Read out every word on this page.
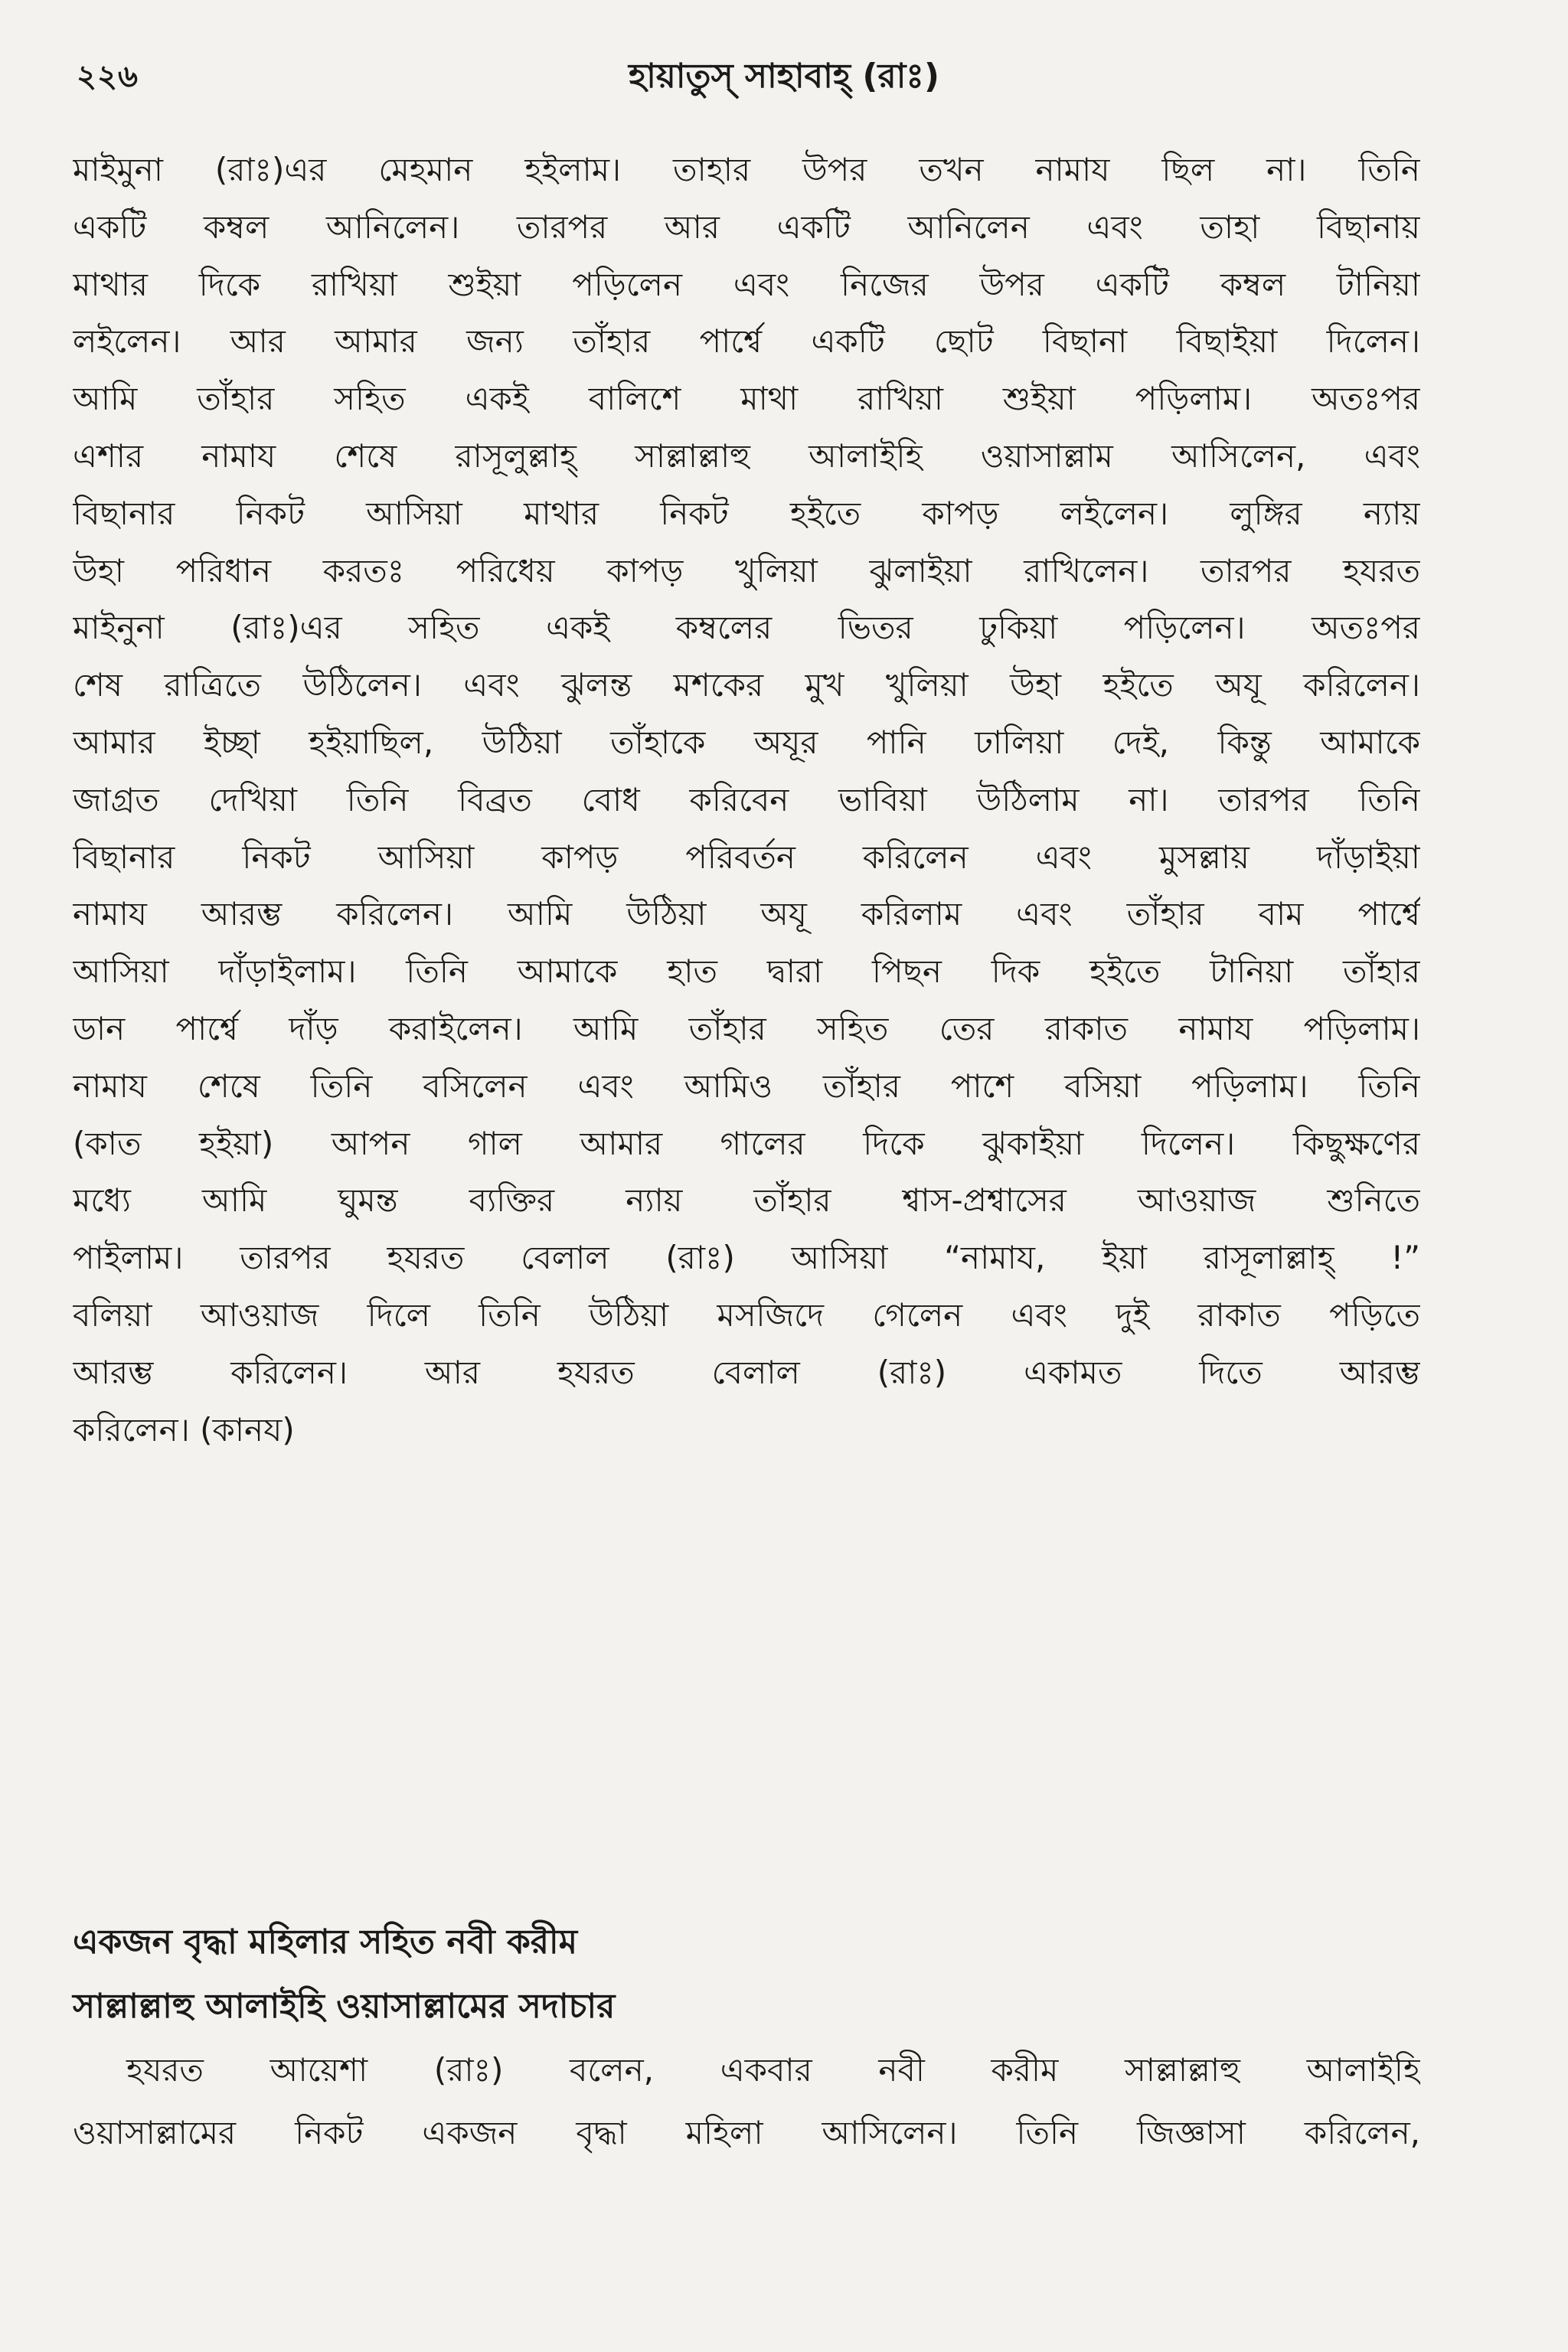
২২৬	হায়াতুস্ সাহাবাহ্ (রাঃ)
মাইমুনা (রাঃ)এর মেহমান হইলাম। তাহার উপর তখন নামায ছিল না। তিনি
একটি কম্বল আনিলেন। তারপর আর একটি আনিলেন এবং তাহা বিছানায়
মাথার দিকে রাখিয়া শুইয়া পড়িলেন এবং নিজের উপর একটি কম্বল টানিয়া
লইলেন। আর আমার জন্য তাঁহার পার্শ্বে একটি ছোট বিছানা বিছাইয়া দিলেন।
আমি তাঁহার সহিত একই বালিশে মাথা রাখিয়া শুইয়া পড়িলাম। অতঃপর
এশার নামায শেষে রাসূলুল্লাহ্ সাল্লাল্লাহু আলাইহি ওয়াসাল্লাম আসিলেন, এবং
বিছানার নিকট আসিয়া মাথার নিকট হইতে কাপড় লইলেন। লুঙ্গির ন্যায়
উহা পরিধান করতঃ পরিধেয় কাপড় খুলিয়া ঝুলাইয়া রাখিলেন। তারপর হযরত
মাইনুনা (রাঃ)এর সহিত একই কম্বলের ভিতর ঢুকিয়া পড়িলেন। অতঃপর
শেষ রাত্রিতে উঠিলেন। এবং ঝুলন্ত মশকের মুখ খুলিয়া উহা হইতে অযূ করিলেন।
আমার ইচ্ছা হইয়াছিল, উঠিয়া তাঁহাকে অযূর পানি ঢালিয়া দেই, কিন্তু আমাকে
জাগ্রত দেখিয়া তিনি বিব্রত বোধ করিবেন ভাবিয়া উঠিলাম না। তারপর তিনি
বিছানার নিকট আসিয়া কাপড় পরিবর্তন করিলেন এবং মুসল্লায় দাঁড়াইয়া
নামায আরম্ভ করিলেন। আমি উঠিয়া অযূ করিলাম এবং তাঁহার বাম পার্শ্বে
আসিয়া দাঁড়াইলাম। তিনি আমাকে হাত দ্বারা পিছন দিক হইতে টানিয়া তাঁহার
ডান পার্শ্বে দাঁড় করাইলেন। আমি তাঁহার সহিত তের রাকাত নামায পড়িলাম।
নামায শেষে তিনি বসিলেন এবং আমিও তাঁহার পাশে বসিয়া পড়িলাম। তিনি
(কাত হইয়া) আপন গাল আমার গালের দিকে ঝুকাইয়া দিলেন। কিছুক্ষণের
মধ্যে আমি ঘুমন্ত ব্যক্তির ন্যায় তাঁহার শ্বাস-প্রশ্বাসের আওয়াজ শুনিতে
পাইলাম। তারপর হযরত বেলাল (রাঃ) আসিয়া “নামায, ইয়া রাসূলাল্লাহ্ !”
বলিয়া আওয়াজ দিলে তিনি উঠিয়া মসজিদে গেলেন এবং দুই রাকাত পড়িতে
আরম্ভ করিলেন। আর হযরত বেলাল (রাঃ) একামত দিতে আরম্ভ
করিলেন। (কানয)
একজন বৃদ্ধা মহিলার সহিত নবী করীম
সাল্লাল্লাহু আলাইহি ওয়াসাল্লামের সদাচার
হযরত আয়েশা (রাঃ) বলেন, একবার নবী করীম সাল্লাল্লাহু আলাইহি
ওয়াসাল্লামের নিকট একজন বৃদ্ধা মহিলা আসিলেন। তিনি জিজ্ঞাসা করিলেন,
